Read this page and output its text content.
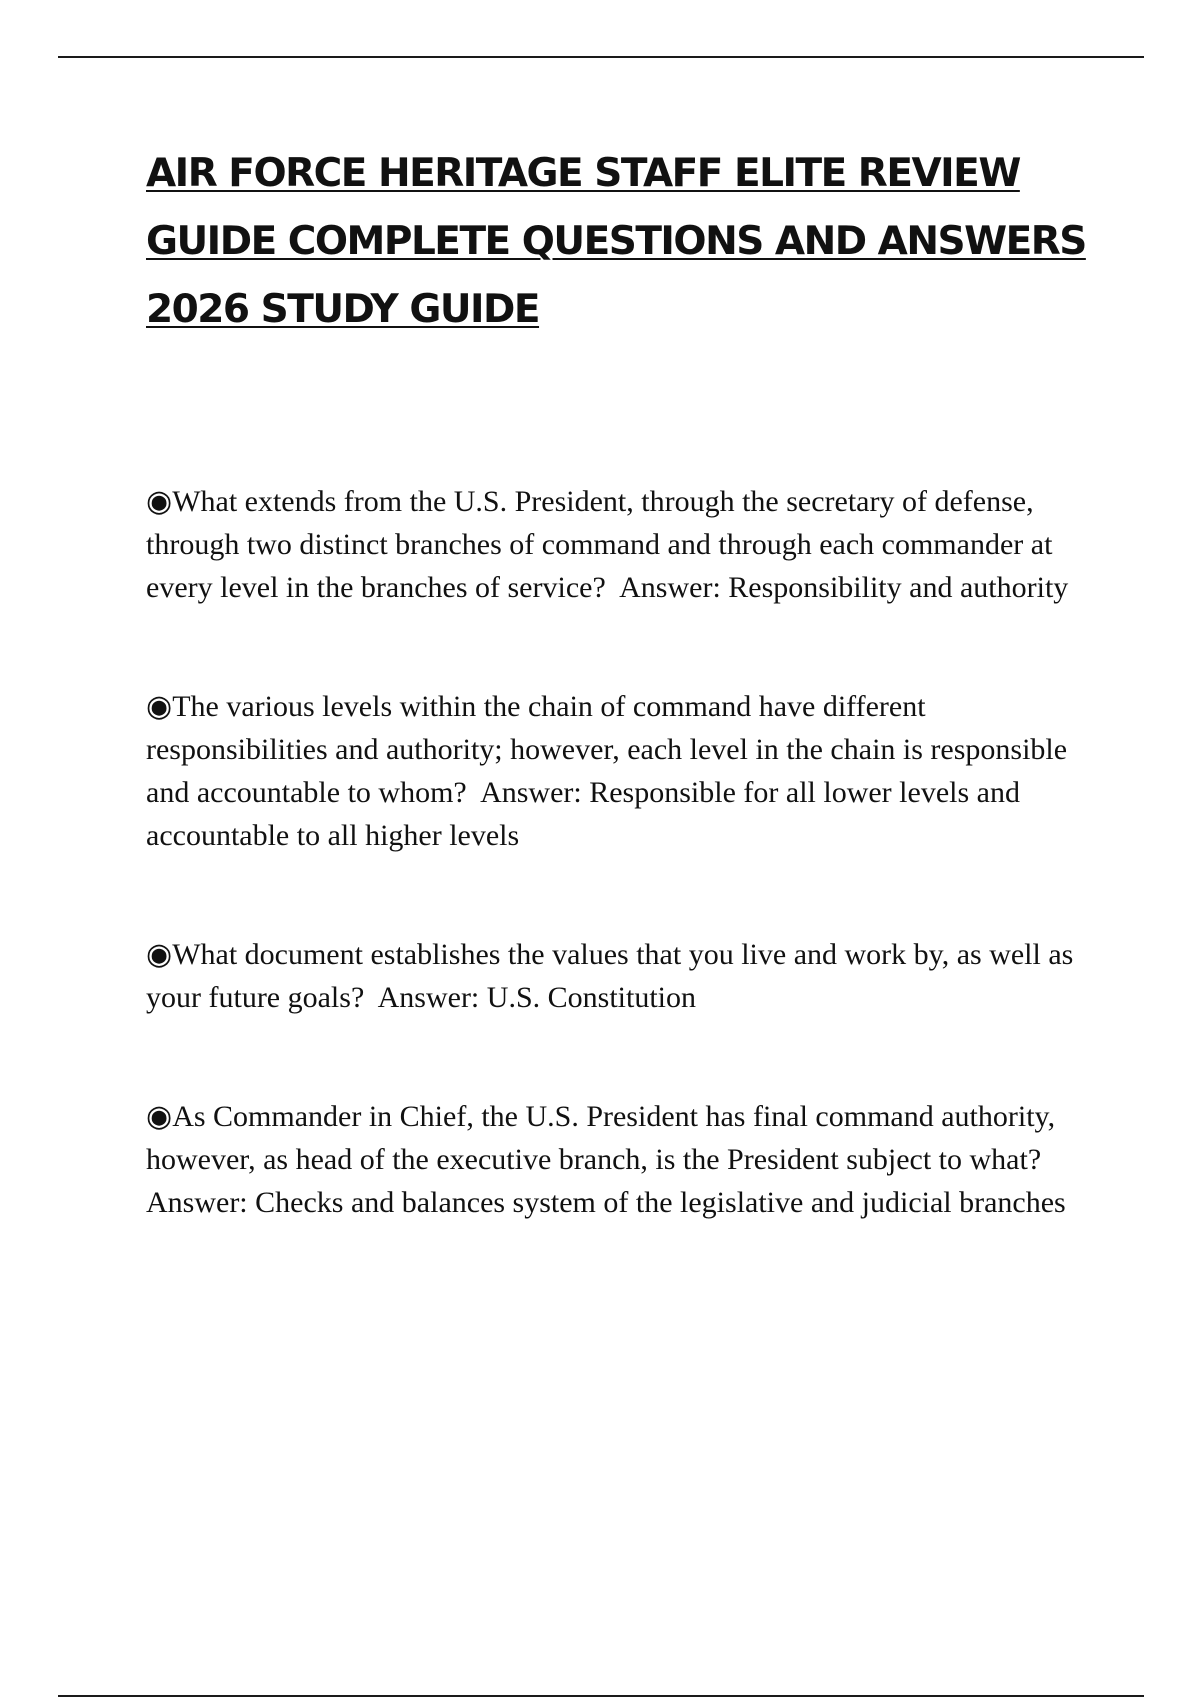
AIR FORCE HERITAGE STAFF ELITE REVIEW GUIDE COMPLETE QUESTIONS AND ANSWERS 2026 STUDY GUIDE
◉What extends from the U.S. President, through the secretary of defense, through two distinct branches of command and through each commander at every level in the branches of service? Answer: Responsibility and authority
◉The various levels within the chain of command have different responsibilities and authority; however, each level in the chain is responsible and accountable to whom? Answer: Responsible for all lower levels and accountable to all higher levels
◉What document establishes the values that you live and work by, as well as your future goals? Answer: U.S. Constitution
◉As Commander in Chief, the U.S. President has final command authority, however, as head of the executive branch, is the President subject to what?  Answer: Checks and balances system of the legislative and judicial branches
